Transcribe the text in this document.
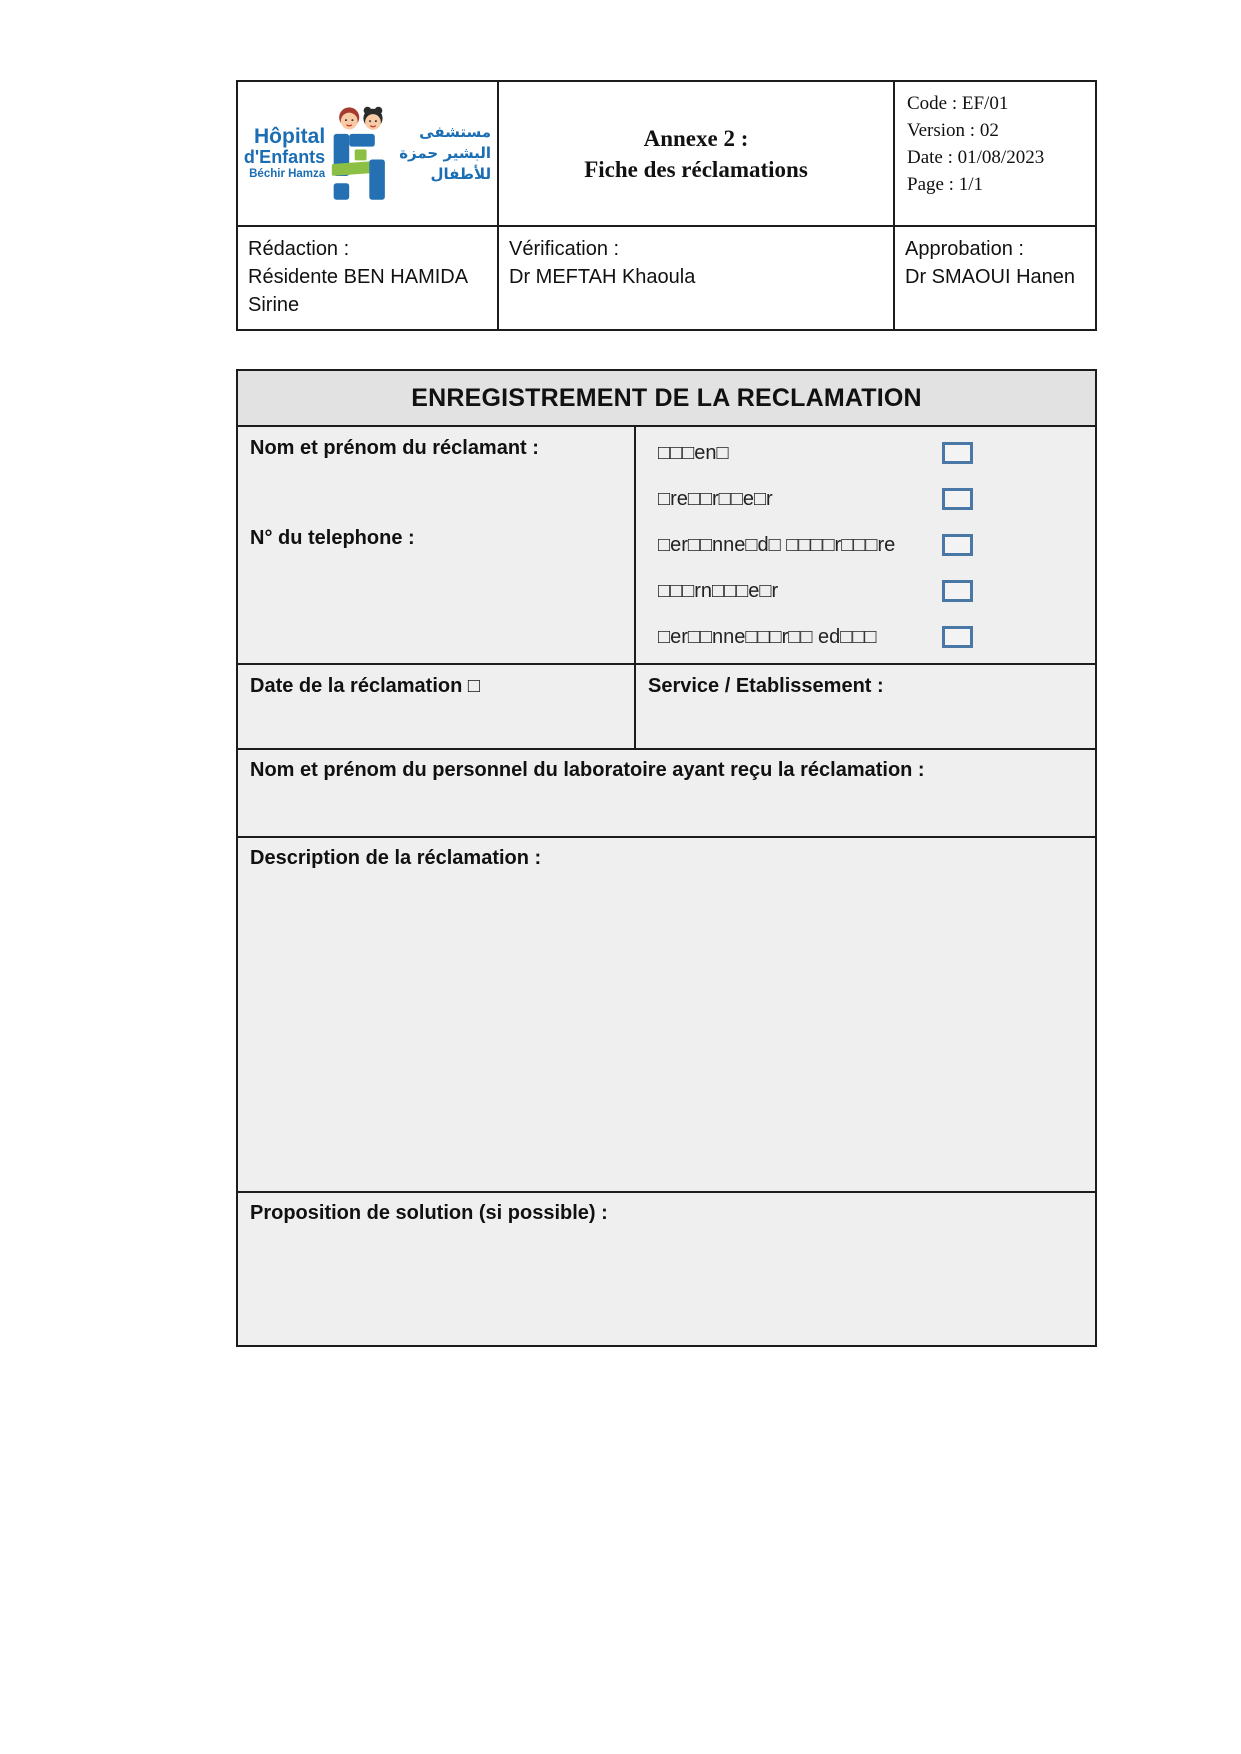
Hôpital
d'Enfants
Béchir Hamza
مستشفى
البشير حمزة
للأطفال
Annexe 2 :
Fiche des réclamations
Code : EF/01
Version : 02
Date : 01/08/2023
Page : 1/1
Rédaction :
Résidente BEN HAMIDA
Sirine
Vérification :
Dr MEFTAH Khaoula
Approbation :
Dr SMAOUI Hanen
ENREGISTREMENT DE LA RECLAMATION
Nom et prénom du réclamant :
N° du telephone :
□□□en□
□re□□r□□e□r
□er□□nne□d□ □□□□r□□□re
□□□rn□□□e□r
□er□□nne□□□r□□ ed□□□
Date de la réclamation □	Service / Etablissement :
Nom et prénom du personnel du laboratoire ayant reçu la réclamation :
Description de la réclamation :
Proposition de solution (si possible) :
